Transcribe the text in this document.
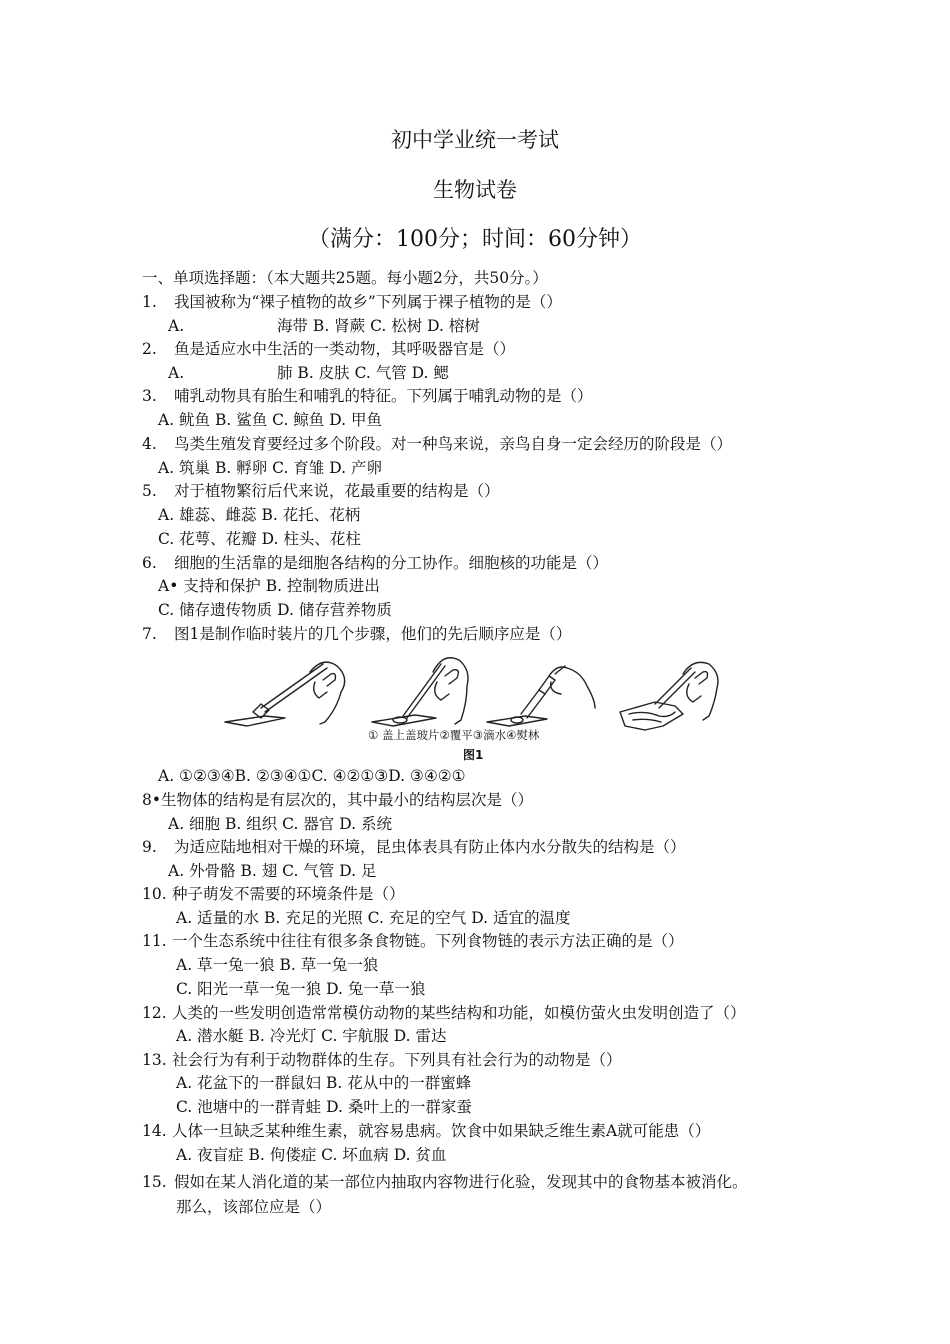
初中学业统一考试
生物试卷
（满分：100分；时间：60分钟）
一、单项选择题：（本大题共25题。每小题2分，共50分。）
1. 我国被称为“裸子植物的故乡”下列属于裸子植物的是（）
A.	海带 B. 肾蕨 C. 松树 D. 榕树
2. 鱼是适应水中生活的一类动物，其呼吸器官是（）
A.	肺 B. 皮肤 C. 气管 D. 鳃
3. 哺乳动物具有胎生和哺乳的特征。下列属于哺乳动物的是（）
A. 鱿鱼 B. 鲨鱼 C. 鲸鱼 D. 甲鱼
4. 鸟类生殖发育要经过多个阶段。对一种鸟来说，亲鸟自身一定会经历的阶段是（）
A. 筑巢 B. 孵卵 C. 育雏 D. 产卵
5. 对于植物繁衍后代来说，花最重要的结构是（）
A. 雄蕊、雌蕊 B. 花托、花柄
C. 花萼、花瓣 D. 柱头、花柱
6. 细胞的生活靠的是细胞各结构的分工协作。细胞核的功能是（）
A• 支持和保护 B. 控制物质进出
C. 储存遗传物质 D. 储存营养物质
7. 图1是制作临时装片的几个步骤，他们的先后顺序应是（）
① 盖上盖玻片②覆平③滴水④熨林
图1
A. ①②③④B. ②③④①C. ④②①③D. ③④②①
8•生物体的结构是有层次的，其中最小的结构层次是（）
A. 细胞 B. 组织 C. 器官 D. 系统
9. 为适应陆地相对干燥的环境，昆虫体表具有防止体内水分散失的结构是（）
A. 外骨骼 B. 翅 C. 气管 D. 足
10. 种子萌发不需要的环境条件是（）
A. 适量的水 B. 充足的光照 C. 充足的空气 D. 适宜的温度
11. 一个生态系统中往往有很多条食物链。下列食物链的表示方法正确的是（）
A. 草一兔一狼 B. 草一兔一狼
C. 阳光一草一兔一狼 D. 兔一草一狼
12. 人类的一些发明创造常常模仿动物的某些结构和功能，如模仿萤火虫发明创造了（）
A. 潜水艇 B. 冷光灯 C. 宇航服 D. 雷达
13. 社会行为有利于动物群体的生存。下列具有社会行为的动物是（）
A. 花盆下的一群鼠妇 B. 花从中的一群蜜蜂
C. 池塘中的一群青蛙 D. 桑叶上的一群家蚕
14. 人体一旦缺乏某种维生素，就容易患病。饮食中如果缺乏维生素A就可能患（）
A. 夜盲症 B. 佝偻症 C. 坏血病 D. 贫血
15. 假如在某人消化道的某一部位内抽取内容物进行化验，发现其中的食物基本被消化。
那么，该部位应是（）
